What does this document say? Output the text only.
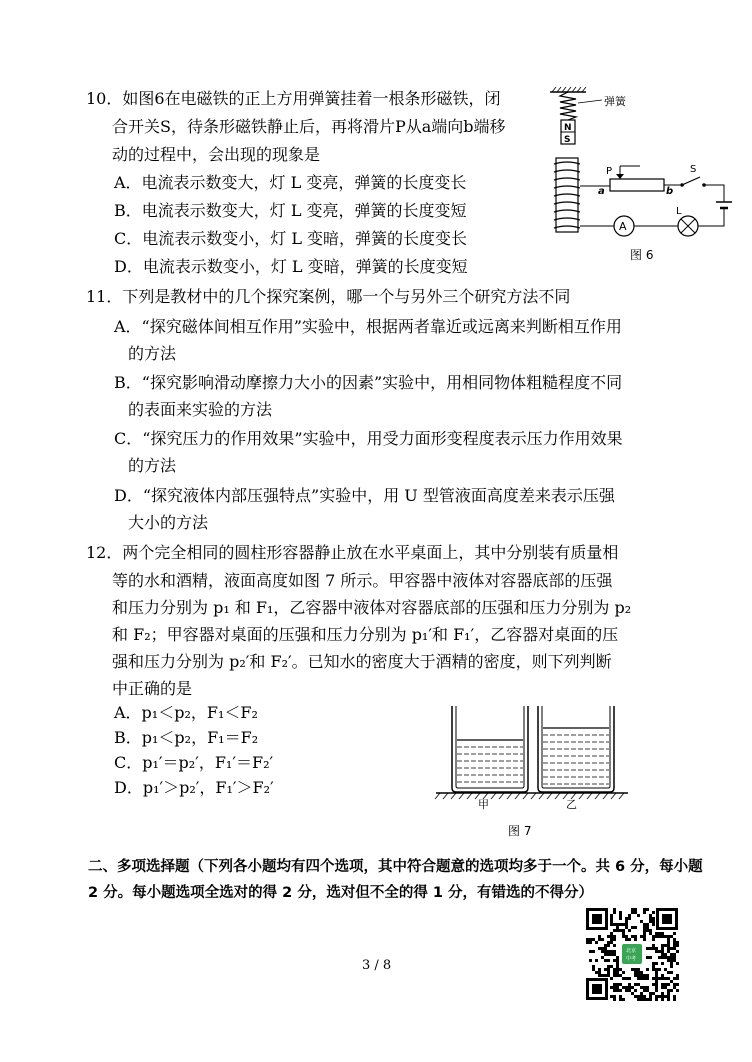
10．如图6在电磁铁的正上方用弹簧挂着一根条形磁铁，闭
合开关S，待条形磁铁静止后，再将滑片P从a端向b端移
动的过程中，会出现的现象是
A．电流表示数变大，灯 L 变亮，弹簧的长度变长
B．电流表示数变大，灯 L 变亮，弹簧的长度变短
C．电流表示数变小，灯 L 变暗，弹簧的长度变长
D．电流表示数变小，灯 L 变暗，弹簧的长度变短
弹簧
N
S
P
a	b
S
L
A
图 6
11．下列是教材中的几个探究案例，哪一个与另外三个研究方法不同
A．“探究磁体间相互作用”实验中，根据两者靠近或远离来判断相互作用
的方法
B．“探究影响滑动摩擦力大小的因素”实验中，用相同物体粗糙程度不同
的表面来实验的方法
C．“探究压力的作用效果”实验中，用受力面形变程度表示压力作用效果
的方法
D．“探究液体内部压强特点”实验中，用 U 型管液面高度差来表示压强
大小的方法
12．两个完全相同的圆柱形容器静止放在水平桌面上，其中分别装有质量相
等的水和酒精，液面高度如图 7 所示。甲容器中液体对容器底部的压强
和压力分别为 p₁ 和 F₁，乙容器中液体对容器底部的压强和压力分别为 p₂
和 F₂；甲容器对桌面的压强和压力分别为 p₁′和 F₁′，乙容器对桌面的压
强和压力分别为 p₂′和 F₂′。已知水的密度大于酒精的密度，则下列判断
中正确的是
A．p₁＜p₂，F₁＜F₂
B．p₁＜p₂，F₁＝F₂
C．p₁′＝p₂′，F₁′＝F₂′
D．p₁′＞p₂′，F₁′＞F₂′
甲	乙
图 7
二、多项选择题（下列各小题均有四个选项，其中符合题意的选项均多于一个。共 6 分，每小题
2 分。每小题选项全选对的得 2 分，选对但不全的得 1 分，有错选的不得分）
3 / 8
北京
中考
